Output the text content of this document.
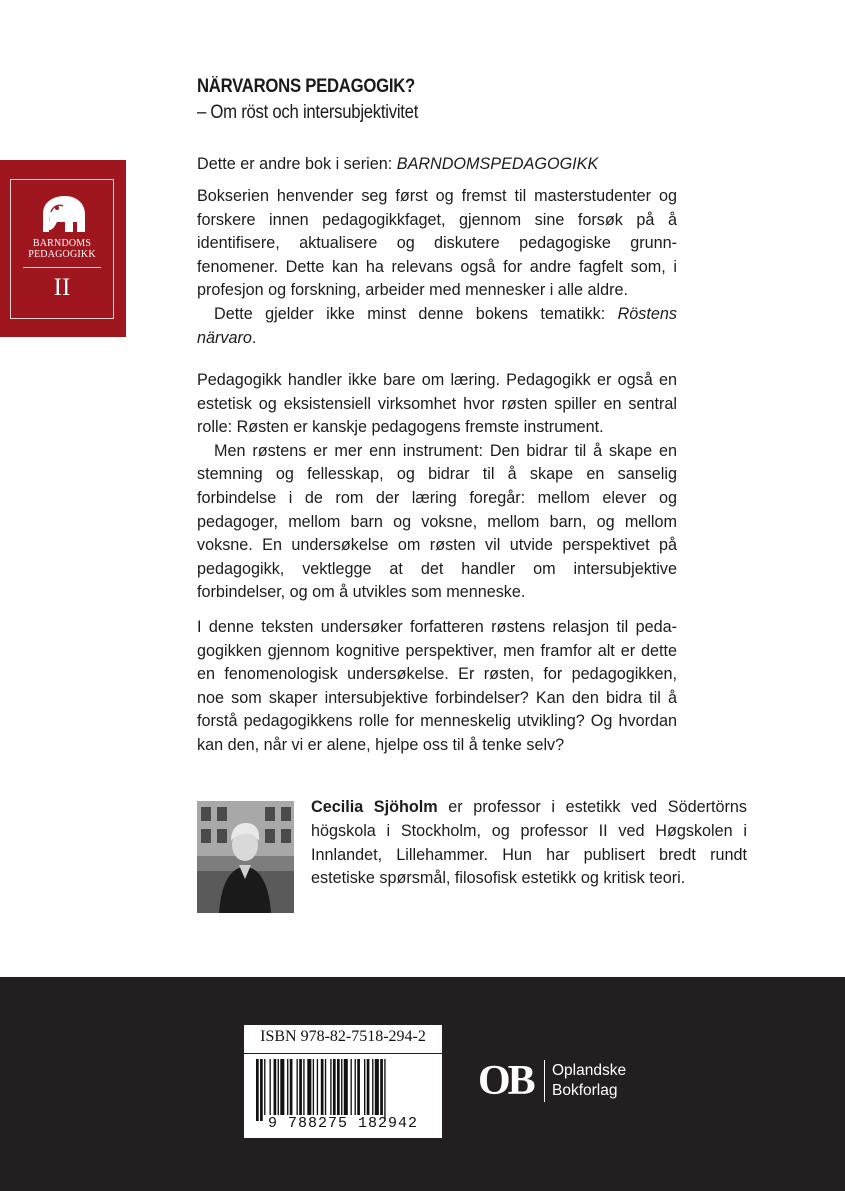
NÄRVARONS PEDAGOGIK?
– Om röst och intersubjektivitet
BARNDOMS
PEDAGOGIKK
II

Dette er andre bok i serien: BARNDOMSPEDAGOGIKK

Bokserien henvender seg først og fremst til masterstudenter og forskere innen pedagogikkfaget, gjennom sine forsøk på å identifisere, aktualisere og diskutere pedagogiske grunnfenomener. Dette kan ha relevans også for andre fagfelt som, i profesjon og forskning, arbeider med mennesker i alle aldre.

Dette gjelder ikke minst denne bokens tematikk: Röstens närvaro.

Pedagogikk handler ikke bare om læring. Pedagogikk er også en estetisk og eksistensiell virksomhet hvor røsten spiller en sentral rolle: Røsten er kanskje pedagogens fremste instrument.

Men røstens er mer enn instrument: Den bidrar til å skape en stemning og fellesskap, og bidrar til å skape en sanselig forbindelse i de rom der læring foregår: mellom elever og pedagoger, mellom barn og voksne, mellom barn, og mellom voksne. En undersøkelse om røsten vil utvide perspektivet på pedagogikk, vektlegge at det handler om intersubjektive forbindelser, og om å utvikles som menneske.

I denne teksten undersøker forfatteren røstens relasjon til pedagogikken gjennom kognitive perspektiver, men framfor alt er dette en fenomenologisk undersøkelse. Er røsten, for pedagogikken, noe som skaper intersubjektive forbindelser? Kan den bidra til å forstå pedagogikkens rolle for menneskelig utvikling? Og hvordan kan den, når vi er alene, hjelpe oss til å tenke selv?

Cecilia Sjöholm er professor i estetikk ved Södertörns högskola i Stockholm, og professor II ved Høgskolen i Innlandet, Lillehammer. Hun har publisert bredt rundt estetiske spørsmål, filosofisk estetikk og kritisk teori.

ISBN 978-82-7518-294-2
9 788275 182942
OB Oplandske
Bokforlag
